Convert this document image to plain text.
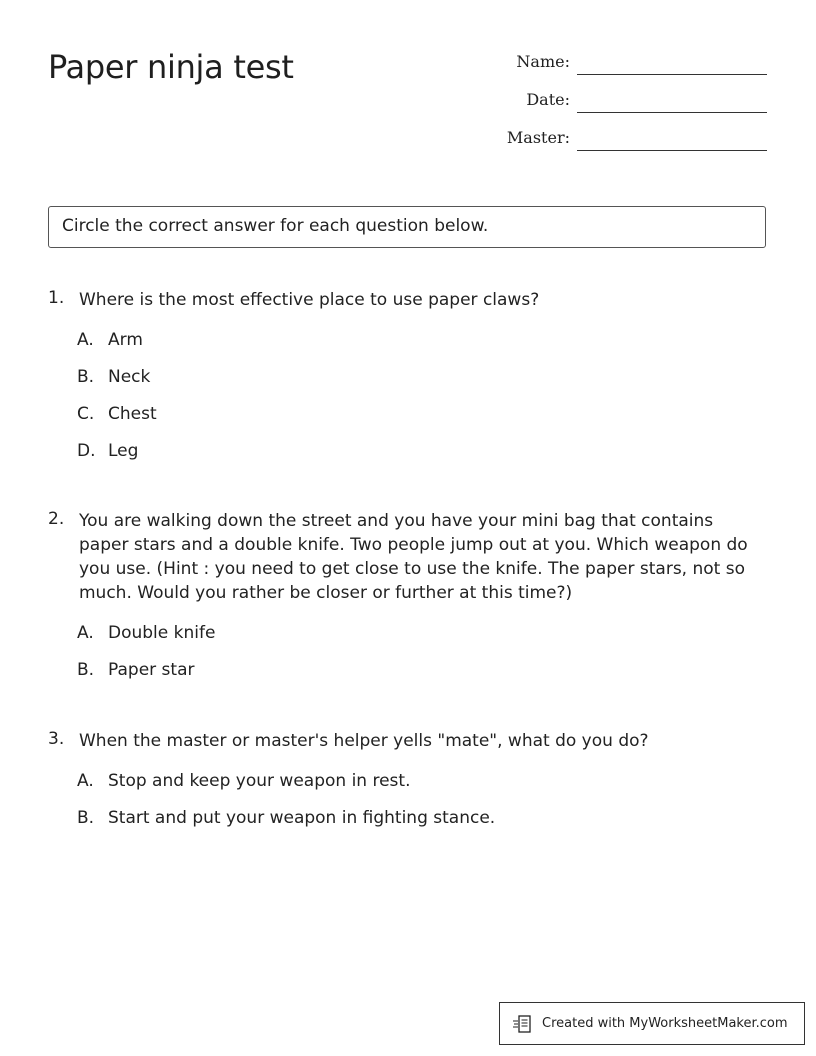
Paper ninja test	Name:
Date:
Master:
Circle the correct answer for each question below.
1. Where is the most effective place to use paper claws?
A. Arm
B. Neck
C. Chest
D. Leg
2. You are walking down the street and you have your mini bag that contains paper stars and a double knife. Two people jump out at you. Which weapon do you use. (Hint : you need to get close to use the knife. The paper stars, not so much. Would you rather be closer or further at this time?)
A. Double knife
B. Paper star
3. When the master or master's helper yells "mate", what do you do?
A. Stop and keep your weapon in rest.
B. Start and put your weapon in fighting stance.
Created with MyWorksheetMaker.com
